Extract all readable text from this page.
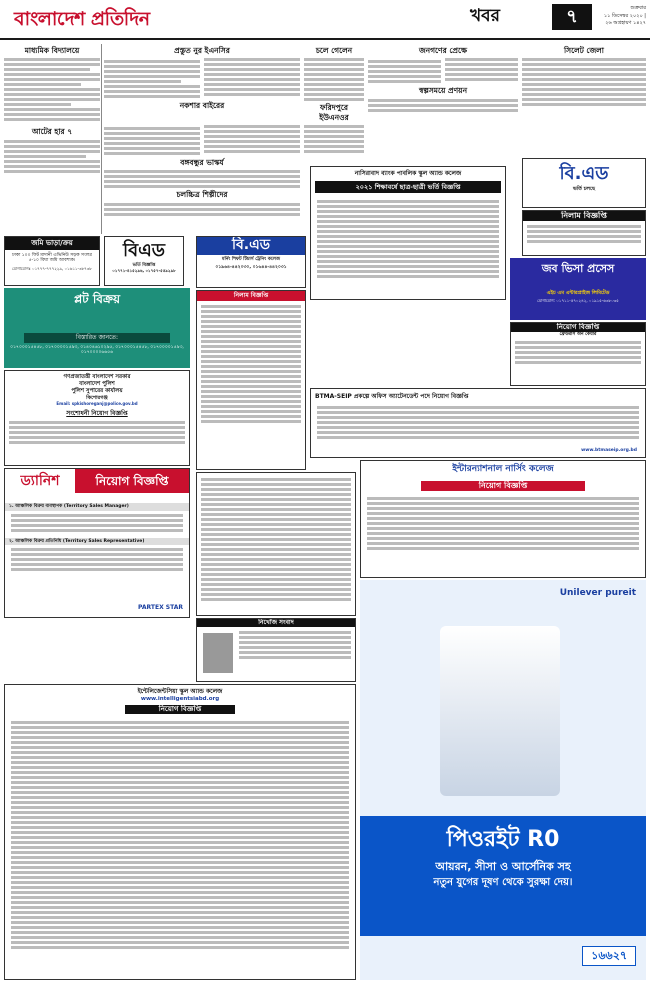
বাংলাদেশ প্রতিদিন	খবর	৭	শুক্রবার
১১ ডিসেম্বর ২০২০ | ২৬ অগ্রহায়ণ ১৪২৭
মাধ্যমিক বিদ্যালয়ে
আটের হার ৭
প্রস্তুত নুর ইএনসির
নকশার বাইরের
বঙ্গবন্ধুর ভাস্কর্য
চলচ্চিত্র শিল্পীদের
চলে গেলেন
ফরিদপুরে ইউএনওর
জনগণের প্রেক্ষে
স্বল্পসময়ে প্রণয়ন
সিলেট জেলা
জমি ভাড়া/ক্রয়
ঢাকা ১০০ ফিট মাদানী এভিনিউ সড়ক সংলগ্ন
৫-১০ বিঘা জমি আবশ্যক।
যোগাযোগঃ ০১৭৭৭-৭৭৭২২৯, ০১৬১১-৩৮৭৩৮
বিএড
ভর্তি বিজ্ঞপ্তি
০১৭৭১-৪১৫২৯৬, ০১৭৫৭-৫৫৯২৯৮
প্লট বিক্রয়
বিস্তারিত জানতে:
০১৭০০০১৫৪৫৮, ০১৭০০০০১৫৯৩, ০১৪০৪৬১০২৯৫, ০১৭০০০১৫৪৫৮, ০১৭০০০০১৫৯৩, ০১৭০০০০৬৬৫৬
গণপ্রজাতন্ত্রী বাংলাদেশ সরকার
বাংলাদেশ পুলিশ
পুলিশ সুপারের কার্যালয়
কিশোরগঞ্জ
Email: spkishoreganj@police.gov.bd
সংশোধনী নিয়োগ বিজ্ঞপ্তি
ড্যানিশ	নিয়োগ বিজ্ঞপ্তি
১. আঞ্চলিক বিক্রয় ব্যবস্থাপক (Territory Sales Manager)
২. আঞ্চলিক বিক্রয় প্রতিনিধি (Territory Sales Representative)
PARTEX STAR
বি.এড
মর্নিং শিফট টিচার্স ট্রেনিং কলেজ
০১৯৬৪-৪৪২০৩০, ০১৬৪৪-৪৪২০৩১
নিলাম বিজ্ঞপ্তি
নাসিরাবাদ ব্যাংক পাবলিক স্কুল অ্যান্ড কলেজ
২০২১ শিক্ষাবর্ষে ছাত্র-ছাত্রী ভর্তি বিজ্ঞপ্তি
বি.এড
ভর্তি চলছে
নিলাম বিজ্ঞপ্তি
জব ভিসা প্রসেস
এইচ এম এন্টারপ্রাইজ লিমিটেড
যোগাযোগ: ০১৭১১-৫৭০২৪২, ০১৯১৫-৬৩৮০৩৫
নিয়োগ বিজ্ঞপ্তি
ফ্রেডরাস অন কেয়ার
BTMA-SEIP প্রকল্পে অফিস অ্যাটেনডেন্ট পদে নিয়োগ বিজ্ঞপ্তি
www.btmaseip.org.bd
ইন্টারন্যাশনাল নার্সিং কলেজ
নিয়োগ বিজ্ঞপ্তি
নিখোঁজ সংবাদ
ইন্টেলিজেন্টসিয়া স্কুল অ্যান্ড কলেজ
www.intelligentsiabd.org
নিয়োগ বিজ্ঞপ্তি
Unilever pureit
পিওরইট R0
আয়রন, সীসা ও আর্সেনিক সহ
নতুন যুগের দূষণ থেকে সুরক্ষা দেয়।
১৬৬২৭
